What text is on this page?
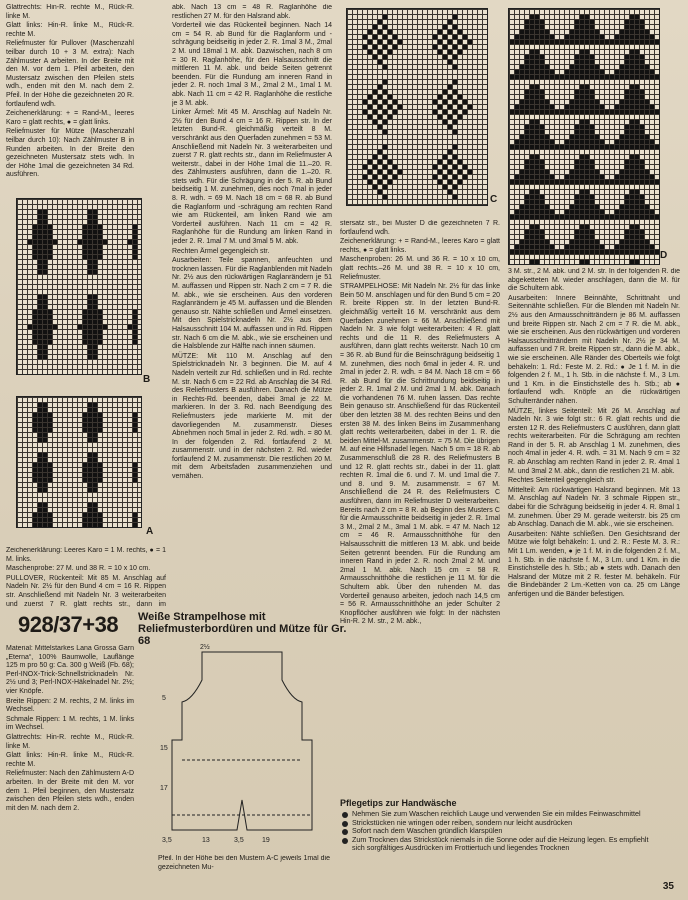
Glattrechts: Hin-R. rechte M., Rück-R. linke M.

Glatt links: Hin-R. linke M., Rück-R. rechte M.

Reliefmuster für Pullover (Maschenzahl teilbar durch 10 + 3 M. extra): Nach Zählmuster A arbeiten. In der Breite mit den M. vor dem 1. Pfeil arbeiten, den Mustersatz zwischen den Pfeilen stets wdh., enden mit den M. nach dem 2. Pfeil. In der Höhe die gezeichneten 20 R. fortlaufend wdh.

Zeichenerklärung: + = Rand-M., leeres Karo = glatt rechts, ● = glatt links.

Reliefmuster für Mütze (Maschenzahl teilbar durch 10): Nach Zählmuster B in Runden arbeiten. In der Breite den gezeichneten Mustersatz stets wdh. In der Höhe 1mal die gezeichneten 34 Rd. ausführen.

B
A

Zeichenerklärung: Leeres Karo = 1 M. rechts, ● = 1 M. links.

Maschenprobe: 27 M. und 38 R. = 10 x 10 cm.

PULLOVER, Rückenteil: Mit 85 M. Anschlag auf Nadeln Nr. 2½ für den Bund 4 cm = 16 R. Rippen str. Anschließend mit Nadeln Nr. 3 weiterarbeiten und zuerst 7 R. glatt rechts str., dann im

abk. Nach 13 cm = 48 R. Raglanhöhe die restlichen 27 M. für den Halsrand abk.

Vorderteil wie das Rückenteil beginnen. Nach 14 cm = 54 R. ab Bund für die Raglanform und -schrägung beidseitig in jeder 2. R. 1mal 3 M., 2mal 2 M. und 18mal 1 M. abk. Dazwischen, nach 8 cm = 30 R. Raglanhöhe, für den Halsausschnitt die mittleren 11 M. abk. und beide Seiten getrennt beenden. Für die Rundung am inneren Rand in jeder 2. R. noch 1mal 3 M., 2mal 2 M., 1mal 1 M. abk. Nach 11 cm = 42 R. Raglanhöhe die restliche je 3 M. abk.

Linker Ärmel: Mit 45 M. Anschlag auf Nadeln Nr. 2½ für den Bund 4 cm = 16 R. Rippen str. In der letzten Bund-R. gleichmäßig verteilt 8 M. verschränkt aus den Querfaden zunehmen = 53 M. Anschließend mit Nadeln Nr. 3 weiterarbeiten und zuerst 7 R. glatt rechts str., dann im Reliefmuster A weiterstr., dabei in der Höhe 1mal die 11.–20. R. des Zählmusters ausführen, dann die 1.–20. R. stets wdh. Für die Schrägung in der 5. R. ab Bund beidseitig 1 M. zunehmen, dies noch 7mal in jeder 8. R. wdh. = 69 M. Nach 18 cm = 68 R. ab Bund die Raglanform und -schrägung am rechten Rand wie am Rückenteil, am linken Rand wie am Vorderteil ausführen. Nach 11 cm = 42 R. Raglanhöhe für die Rundung am linken Rand in jeder 2. R. 1mal 7 M. und 3mal 5 M. abk.

Rechten Ärmel gegengleich str.

Ausarbeiten: Teile spannen, anfeuchten und trocknen lassen. Für die Raglanblenden mit Nadeln Nr. 2½ aus den rückwärtigen Raglanrändern je 51 M. auffassen und Rippen str. Nach 2 cm = 7 R. die M. abk., wie sie erscheinen. Aus den vorderen Raglanrändern je 45 M. auffassen und die Blenden genauso str. Nähte schließen und Ärmel einsetzen. Mit den Spielstricknadeln Nr. 2½ aus dem Halsausschnitt 104 M. auffassen und in Rd. Rippen str. Nach 6 cm die M. abk., wie sie erscheinen und die Halsblende zur Hälfte nach innen säumen.

MÜTZE: Mit 110 M. Anschlag auf den Spielstricknadeln Nr. 3 beginnen. Die M. auf 4 Nadeln verteilt zur Rd. schließen und in Rd. rechte M. str. Nach 6 cm = 22 Rd. ab Anschlag die 34 Rd. des Reliefmusters B ausführen. Danach die Mütze in Rechts-Rd. beenden, dabei 3mal je 22 M. markieren. In der 3. Rd. nach Beendigung des Reliefmusters jede markierte M. mit der davorliegenden M. zusammenstr. Dieses Abnehmen noch 5mal in jeder 2. Rd. wdh. = 80 M. In der folgenden 2. Rd. fortlaufend 2 M. zusammenstr. und in der nächsten 2. Rd. wieder fortlaufend 2 M. zusammenstr. Die restlichen 20 M. mit dem Arbeitsfaden zusammenziehen und vernähen.

928/37+38 Weiße Strampelhose mit Reliefmusterbordüren und Mütze für Gr. 68

Material: Mittelstarkes Lana Grossa Garn „Eterna“, 100% Baumwolle, Lauflänge 125 m pro 50 g: Ca. 300 g Weiß (Fb. 68); Perl-INOX-Trick-Schnellstricknadeln Nr. 2½ und 3; Perl-INOX-Häkelnadel Nr. 2½; vier Knöpfe.

Breite Rippen: 2 M. rechts, 2 M. links im Wechsel.

Schmale Rippen: 1 M. rechts, 1 M. links im Wechsel.

Glattrechts: Hin-R. rechte M., Rück-R. linke M.

Glatt links: Hin-R. linke M., Rück-R. rechte M.

Reliefmuster: Nach den Zählmustern A-D arbeiten. In der Breite mit den M. vor dem 1. Pfeil beginnen, den Mustersatz zwischen den Pfeilen stets wdh., enden mit den M. nach dem 2.

2½
5
15
17
3,5	13	3,5	19

Pfeil. In der Höhe bei den Mustern A-C jeweils 1mal die gezeichneten Mu-

stersatz str., bei Muster D die gezeichneten 7 R. fortlaufend wdh.

Zeichenerklärung: + = Rand-M., leeres Karo = glatt rechts, ● = glatt links.

Maschenproben: 26 M. und 36 R. = 10 x 10 cm, glatt rechts.–26 M. und 38 R. = 10 x 10 cm, Reliefmuster.

STRAMPELHOSE: Mit Nadeln Nr. 2½ für das linke Bein 50 M. anschlagen und für den Bund 5 cm = 20 R. breite Rippen str. In der letzten Bund-R. gleichmäßig verteilt 16 M. verschränkt aus dem Querfaden zunehmen = 66 M. Anschließend mit Nadeln Nr. 3 wie folgt weiterarbeiten: 4 R. glatt rechts und die 11 R. des Reliefmusters A ausführen, dann glatt rechts weiterstr. Nach 10 cm = 36 R. ab Bund für die Beinschrägung beidseitig 1 M. zunehmen, dies noch 6mal in jeder 4. R. und 2mal in jeder 2. R. wdh. = 84 M. Nach 18 cm = 66 R. ab Bund für die Schrittrundung beidseitig in jeder 2. R. 1mal 2 M. und 2mal 1 M. abk. Danach die vorhandenen 76 M. ruhen lassen. Das rechte Bein genauso str. Anschließend für das Rückenteil über den letzten 38 M. des rechten Beins und den ersten 38 M. des linken Beins im Zusammenhang glatt rechts weiterarbeiten, dabei in der 1. R. die beiden Mittel-M. zusammenstr. = 75 M. Die übrigen M. auf eine Hilfsnadel legen. Nach 5 cm = 18 R. ab Zusammenschluß die 28 R. des Reliefmusters B und 12 R. glatt rechts str., dabei in der 11. glatt rechten R. 1mal die 6. und 7. M. und 1mal die 7. und 8. und 9. M. zusammenstr. = 67 M. Anschließend die 24 R. des Reliefmusters C ausführen, dann im Reliefmuster D weiterarbeiten. Bereits nach 2 cm = 8 R. ab Beginn des Musters C für die Armausschnitte beidseitig in jeder 2. R. 1mal 3 M., 2mal 2 M., 3mal 1 M. abk. = 47 M. Nach 12 cm = 46 R. Armausschnitthöhe für den Halsausschnitt die mittleren 13 M. abk. und beide Seiten getrennt beenden. Für die Rundung am inneren Rand in jeder 2. R. noch 2mal 2 M. und 2mal 1 M. abk. Nach 15 cm = 58 R. Armausschnitthöhe die restlichen je 11 M. für die Schultern abk. Über den ruhenden M. das Vorderteil genauso arbeiten, jedoch nach 14,5 cm = 56 R. Armausschnitthöhe an jeder Schulter 2 Knopflöcher ausführen wie folgt: In der nächsten Hin-R. 2 M. str., 2 M. abk.,

3 M. str., 2 M. abk. und 2 M. str. In der folgenden R. die abgeketteten M. wieder anschlagen, dann die M. für die Schultern abk.

Ausarbeiten: Innere Beinnähte, Schrittnaht und Seitennähte schließen. Für die Blenden mit Nadeln Nr. 2½ aus den Armausschnitträndern je 86 M. auffassen und breite Rippen str. Nach 2 cm = 7 R. die M. abk., wie sie erscheinen. Aus den rückwärtigen und vorderen Halsausschnitträndern mit Nadeln Nr. 2½ je 34 M. auffassen und 7 R. breite Rippen str., dann die M. abk., wie sie erscheinen. Alle Ränder des Oberteils wie folgt behäkeln: 1. Rd.: Feste M. 2. Rd.: ● Je 1 f. M. in die folgenden 2 f. M., 1 h. Stb. in die nächste f. M., 3 Lm. und 1 Km. in die Einstichstelle des h. Stb.; ab ● fortlaufend wdh. Knöpfe an die rückwärtigen Schulterränder nähen.

MÜTZE, linkes Seitenteil: Mit 26 M. Anschlag auf Nadeln Nr. 3 wie folgt str.: 6 R. glatt rechts und die ersten 12 R. des Reliefmusters C ausführen, dann glatt rechts weiterarbeiten. Für die Schrägung am rechten Rand in der 5. R. ab Anschlag 1 M. zunehmen, dies noch 4mal in jeder 4. R. wdh. = 31 M. Nach 9 cm = 32 R. ab Anschlag am rechten Rand in jeder 2. R. 4mal 1 M. und 3mal 2 M. abk., dann die restlichen 21 M. abk.

Rechtes Seitenteil gegengleich str.

Mittelteil: Am rückwärtigen Halsrand beginnen. Mit 13 M. Anschlag auf Nadeln Nr. 3 schmale Rippen str., dabei für die Schrägung beidseitig in jeder 4. R. 8mal 1 M. zunehmen. Über 29 M. gerade weiterstr. bis 25 cm ab Anschlag. Danach die M. abk., wie sie erscheinen.

Ausarbeiten: Nähte schließen. Den Gesichtsrand der Mütze wie folgt behäkeln: 1. und 2. R.: Feste M. 3. R.: Mit 1 Lm. wenden, ● je 1 f. M. in die folgenden 2 f. M., 1 h. Stb. in die nächste f. M., 3 Lm. und 1 Km. in die Einstichstelle des h. Stb.; ab ● stets wdh. Danach den Halsrand der Mütze mit 2 R. fester M. behäkeln. Für die Bindebänder 2 Lm.-Ketten von ca. 25 cm Länge anfertigen und die Bänder befestigen.

C
D
Pflegetips zur Handwäsche
Nehmen Sie zum Waschen reichlich Lauge und verwenden Sie ein mildes Feinwaschmittel
Strickstücken nie wringen oder reiben, sondern nur leicht ausdrücken
Sofort nach dem Waschen gründlich klarspülen
Zum Trocknen das Strickstück niemals in die Sonne oder auf die Heizung legen. Es empfiehlt sich sorgfältiges Ausdrücken im Frottiertuch und liegendes Trocknen
35
